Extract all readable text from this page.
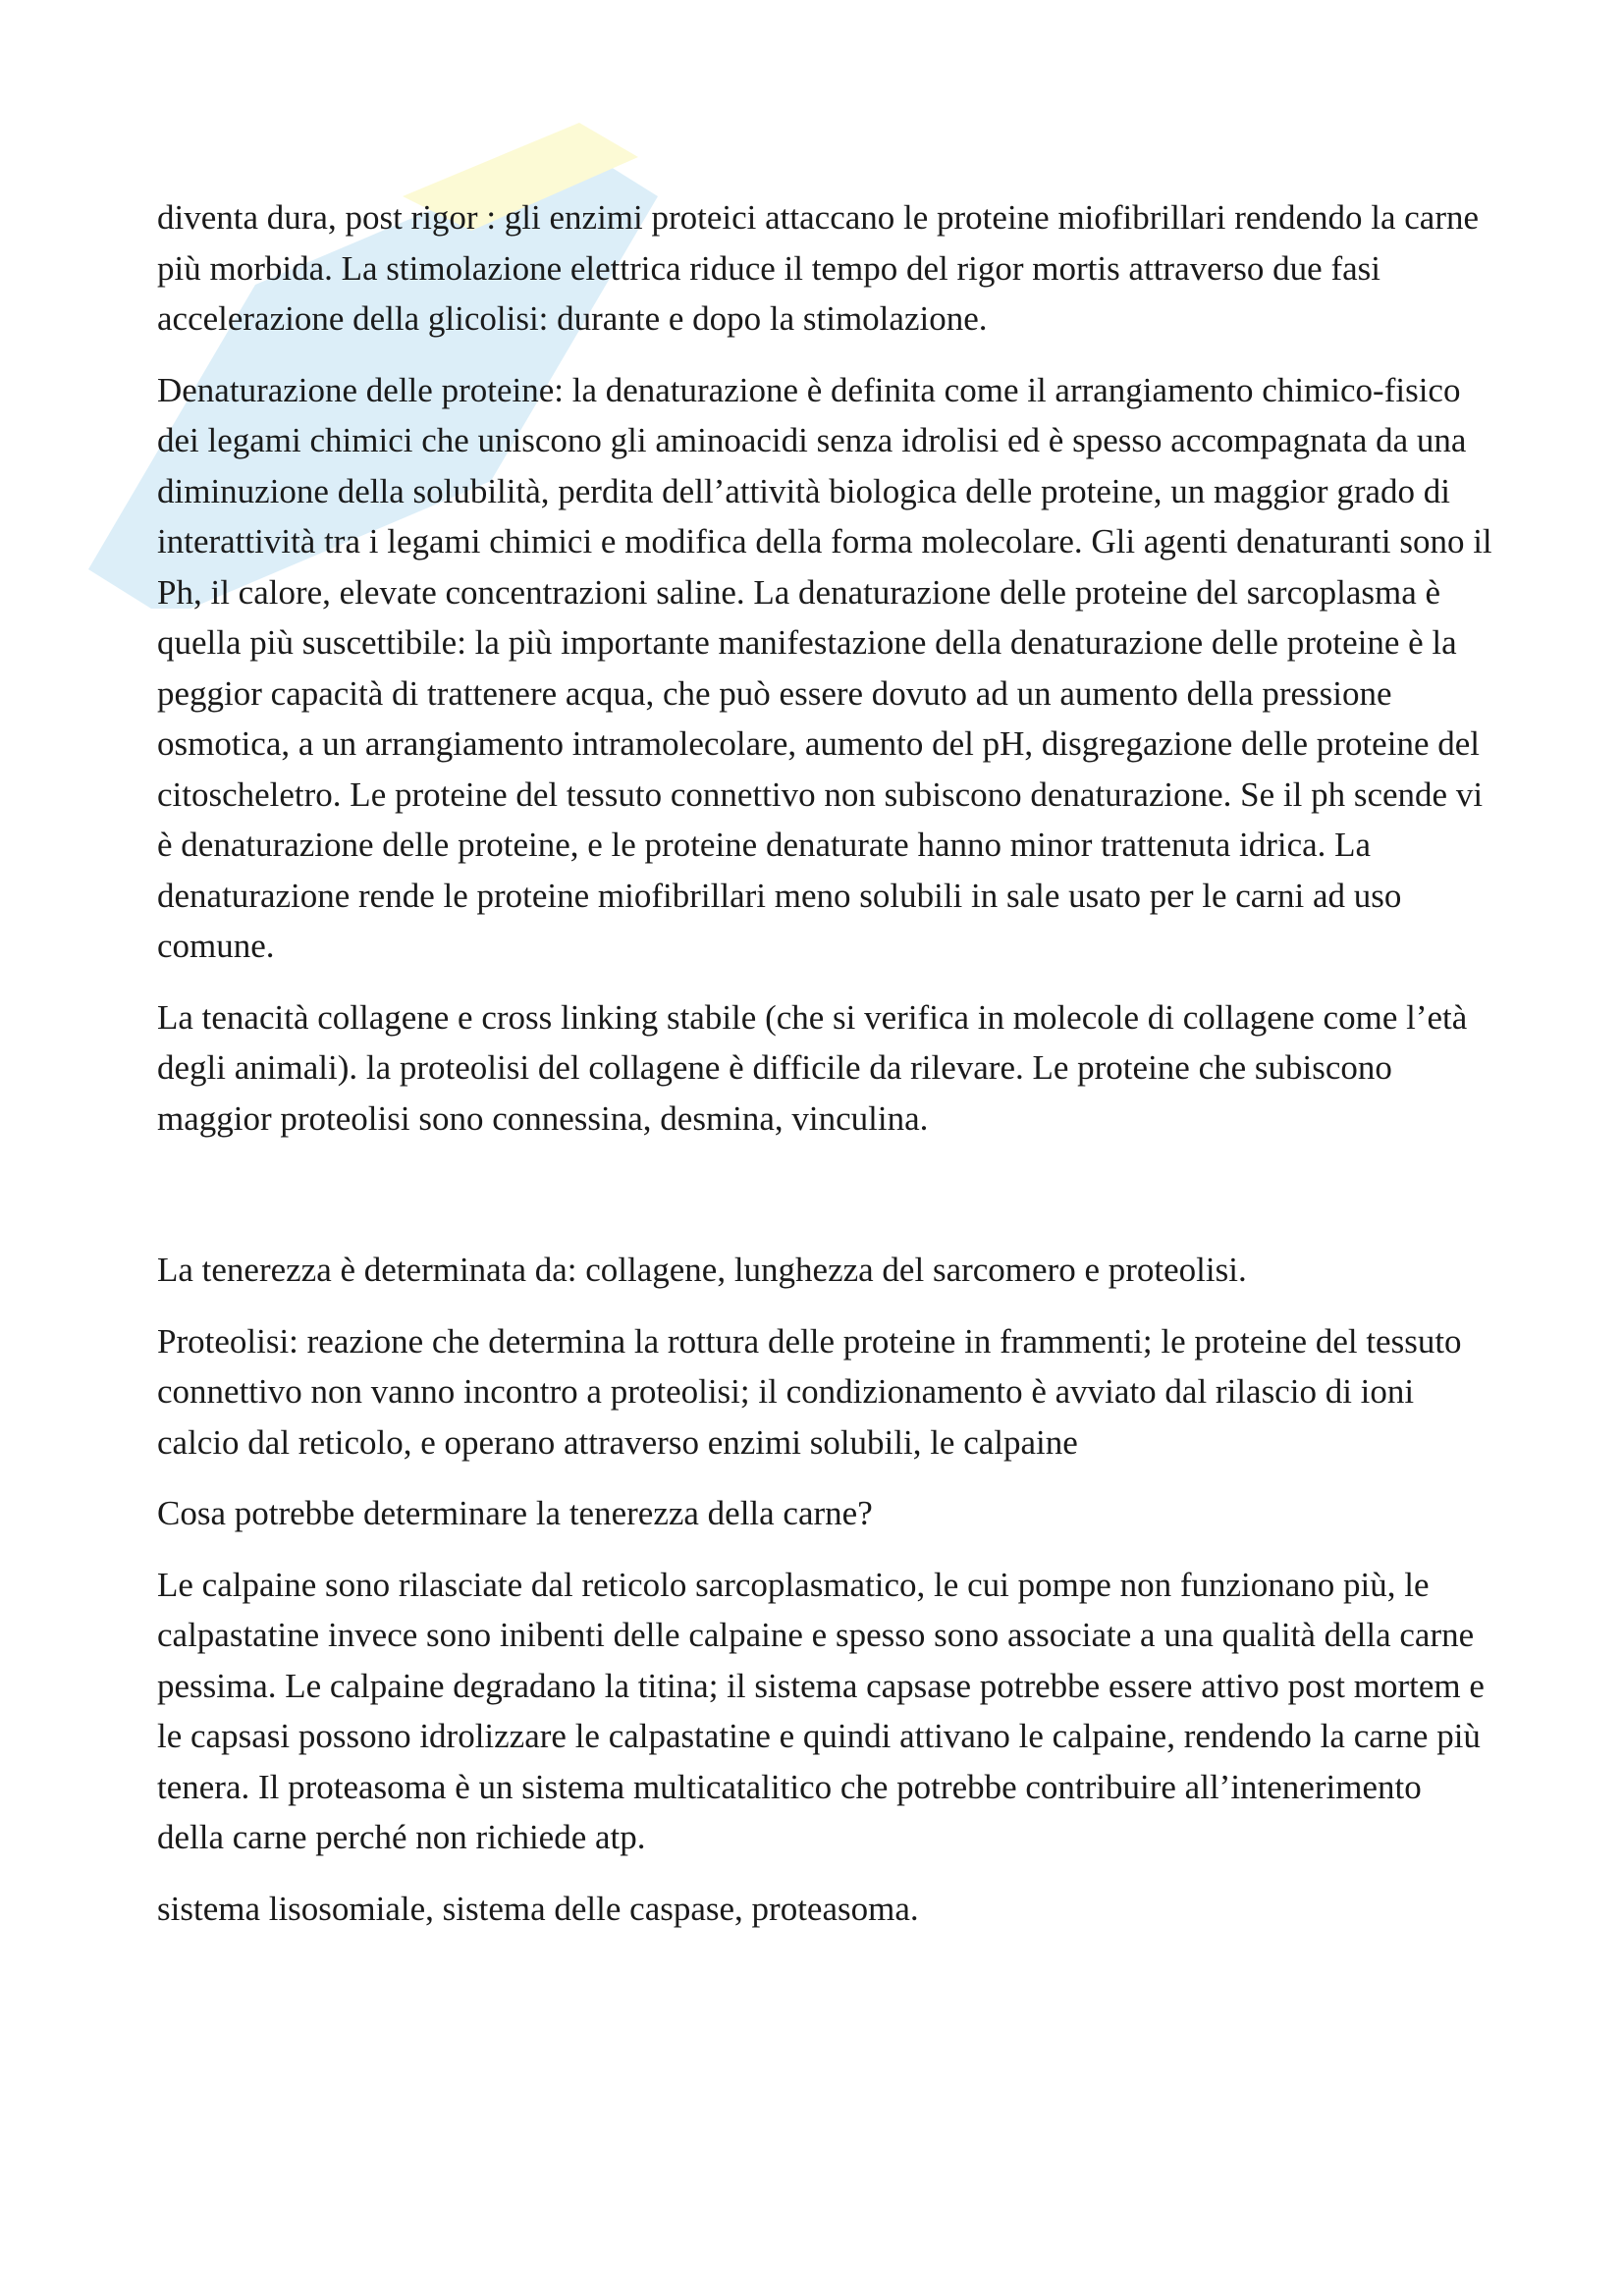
diventa dura, post rigor : gli enzimi proteici attaccano le proteine miofibrillari rendendo la carne più morbida. La stimolazione elettrica riduce il tempo del rigor mortis attraverso due fasi accelerazione della glicolisi: durante e dopo la stimolazione.

Denaturazione delle proteine: la denaturazione è definita come il arrangiamento chimico-fisico dei legami chimici che uniscono gli aminoacidi senza idrolisi ed è spesso accompagnata da una diminuzione della solubilità, perdita dell’attività biologica delle proteine, un maggior grado di interattività tra i legami chimici e modifica della forma molecolare. Gli agenti denaturanti sono il Ph, il calore, elevate concentrazioni saline. La denaturazione delle proteine del sarcoplasma è quella più suscettibile: la più importante manifestazione della denaturazione delle proteine è la peggior capacità di trattenere acqua, che può essere dovuto ad un aumento della pressione osmotica, a un arrangiamento intramolecolare, aumento del pH, disgregazione delle proteine del citoscheletro. Le proteine del tessuto connettivo non subiscono denaturazione. Se il ph scende vi è denaturazione delle proteine, e le proteine denaturate hanno minor trattenuta idrica. La denaturazione rende le proteine miofibrillari meno solubili in sale usato per le carni ad uso comune.

La tenacità collagene e cross linking stabile (che si verifica in molecole di collagene come l’età degli animali). la proteolisi del collagene è difficile da rilevare. Le proteine che subiscono maggior proteolisi sono connessina, desmina, vinculina.

La tenerezza è determinata da: collagene, lunghezza del sarcomero e proteolisi.

Proteolisi: reazione che determina la rottura delle proteine in frammenti; le proteine del tessuto connettivo non vanno incontro a proteolisi; il condizionamento è avviato dal rilascio di ioni calcio dal reticolo, e operano attraverso enzimi solubili, le calpaine

Cosa potrebbe determinare la tenerezza della carne?

Le calpaine sono rilasciate dal reticolo sarcoplasmatico, le cui pompe non funzionano più, le calpastatine invece sono inibenti delle calpaine e spesso sono associate a una qualità della carne pessima. Le calpaine degradano la titina; il sistema capsase potrebbe essere attivo post mortem e le capsasi possono idrolizzare le calpastatine e quindi attivano le calpaine, rendendo la carne più tenera. Il proteasoma è un sistema multicatalitico che potrebbe contribuire all’intenerimento della carne perché non richiede atp.

sistema lisosomiale, sistema delle caspase, proteasoma.
